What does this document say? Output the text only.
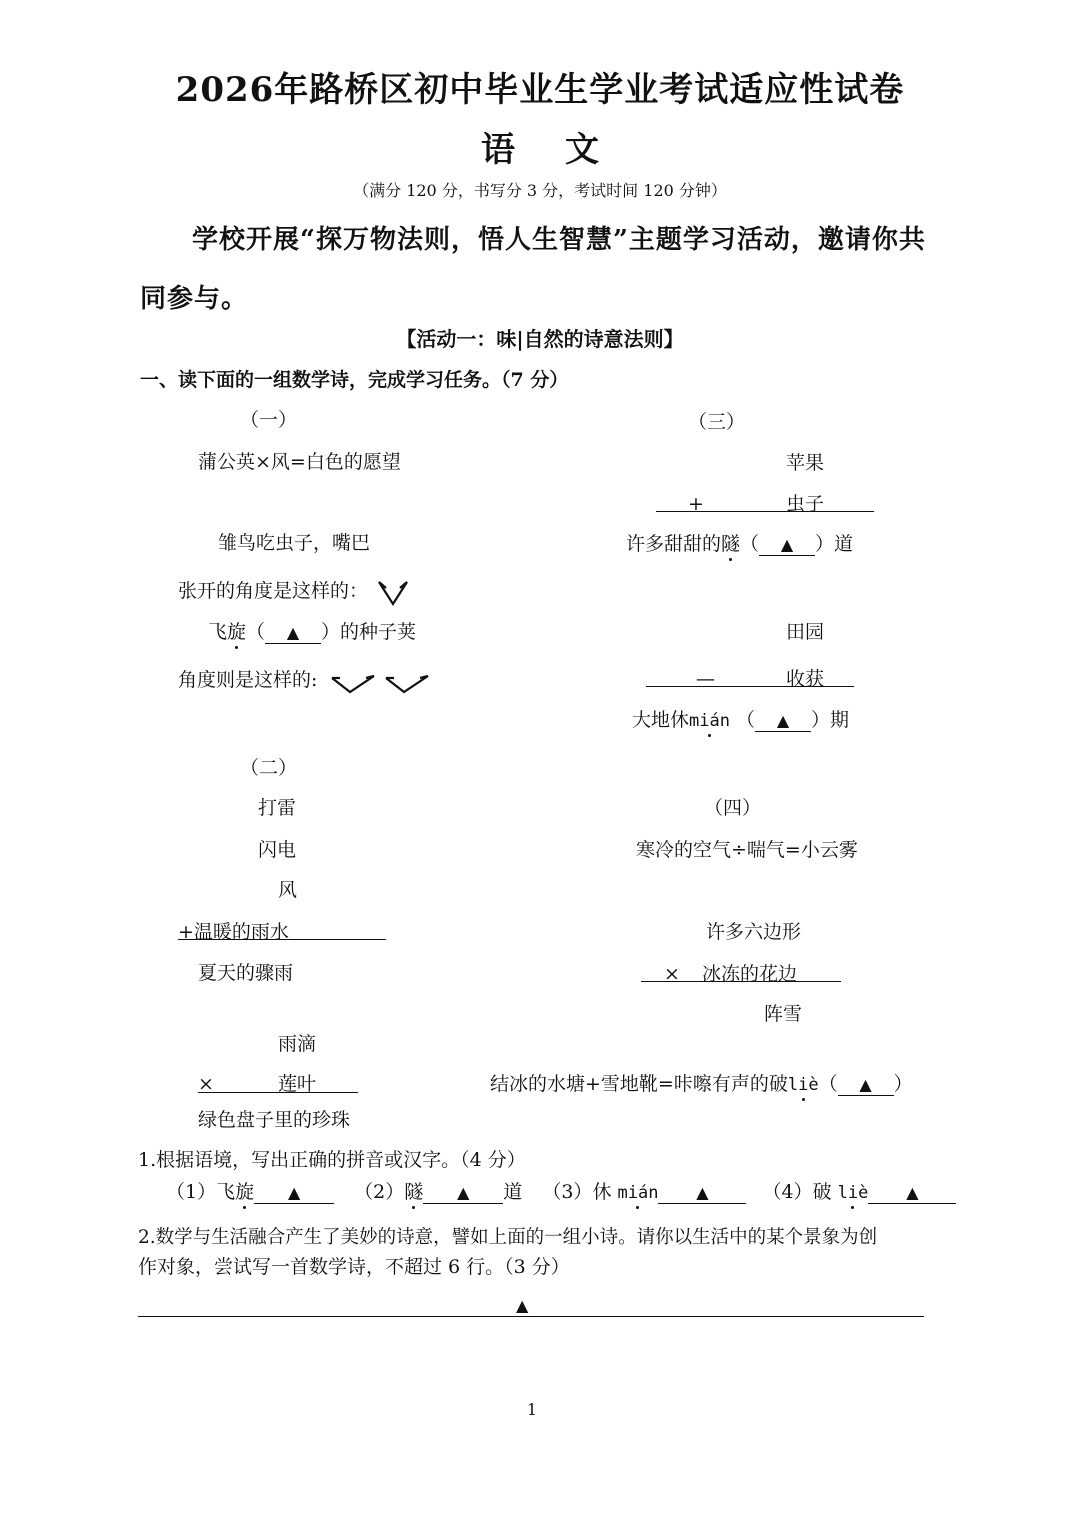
2026年路桥区初中毕业生学业考试适应性试卷
语文
（满分 120 分，书写分 3 分，考试时间 120 分钟）
学校开展“探万物法则，悟人生智慧”主题学习活动，邀请你共
同参与。
【活动一：味|自然的诗意法则】
一、读下面的一组数学诗，完成学习任务。（7 分）
（一）
蒲公英×风=白色的愿望
雏鸟吃虫子，嘴巴
张开的角度是这样的：
飞旋（ ▲ ）的种子荚
角度则是这样的:
（二）
打雷
闪电
风
+温暖的雨水
夏天的骤雨
雨滴
×	莲叶
绿色盘子里的珍珠
（三）
苹果
+	虫子
许多甜甜的隧（ ▲ ）道
田园
—	收获
大地休mián （ ▲ ）期
（四）
寒冷的空气÷喘气=小云雾
许多六边形
× 冰冻的花边
阵雪
结冰的水塘+雪地靴=咔嚓有声的破liè（ ▲ ）
1.根据语境，写出正确的拼音或汉字。（4 分）
（1）飞旋 ▲	（2）隧 ▲ 道 （3）休 mián ▲	（4）破 liè ▲
2.数学与生活融合产生了美妙的诗意，譬如上面的一组小诗。请你以生活中的某个景象为创
作对象，尝试写一首数学诗，不超过 6 行。（3 分）
▲
1
